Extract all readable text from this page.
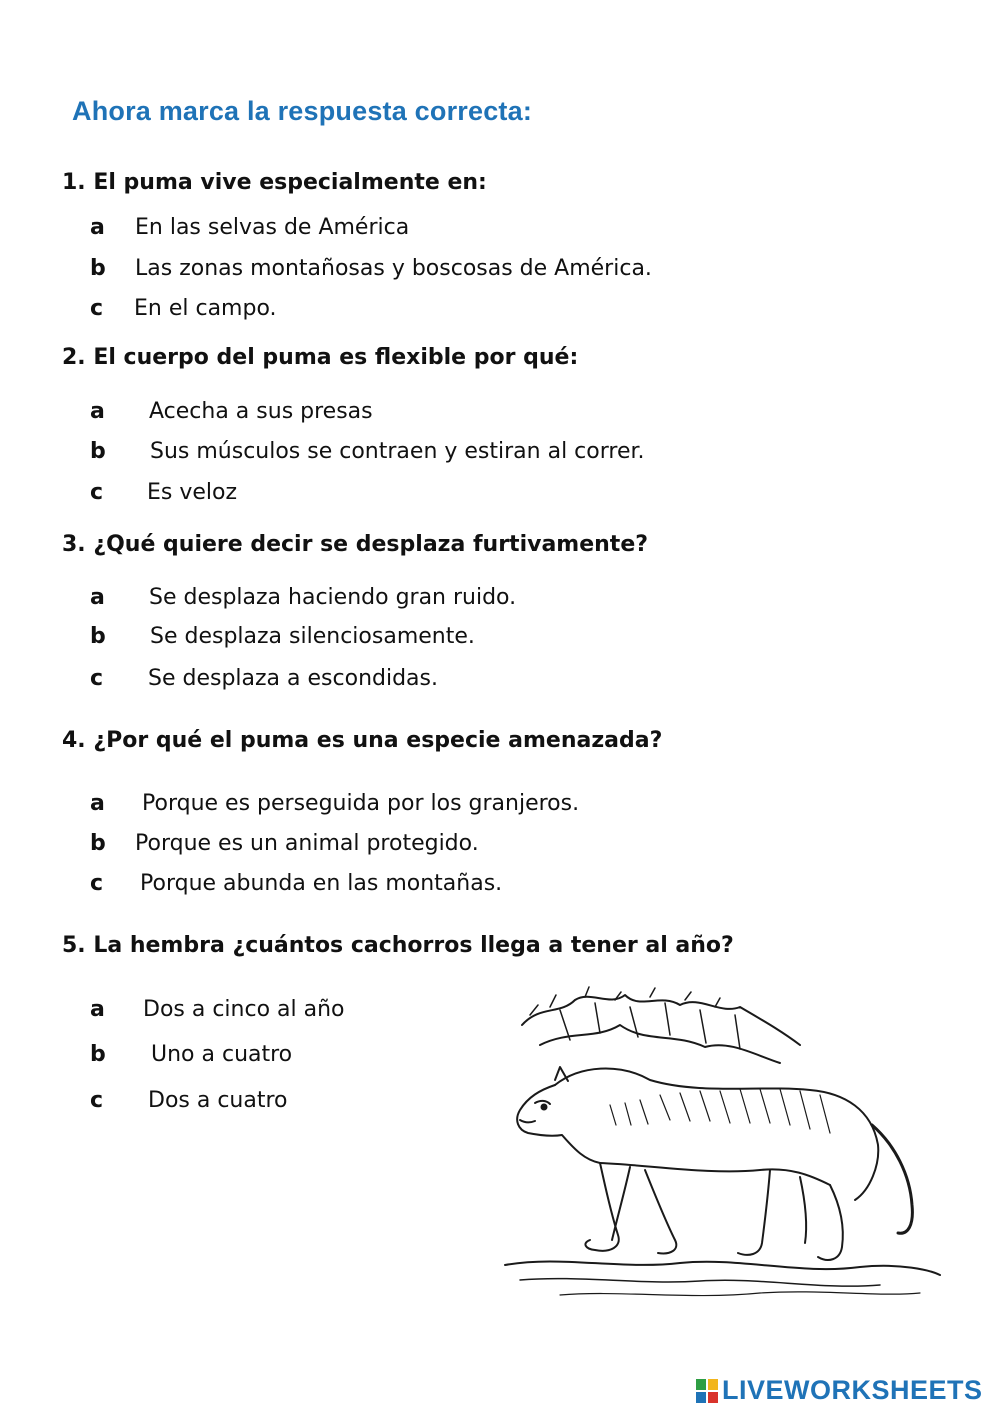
Ahora marca la respuesta correcta:
1. El puma vive especialmente en:
a	En las selvas de América
b	Las zonas montañosas y boscosas de América.
c	En el campo.
2. El cuerpo del puma es flexible por qué:
a	Acecha a sus presas
b	Sus músculos se contraen y estiran al correr.
c	Es veloz
3. ¿Qué quiere decir se desplaza furtivamente?
a	Se desplaza haciendo gran ruido.
b	Se desplaza silenciosamente.
c	Se desplaza a escondidas.
4. ¿Por qué el puma es una especie amenazada?
a	Porque es perseguida por los granjeros.
b	Porque es un animal protegido.
c	Porque abunda en las montañas.
5. La hembra ¿cuántos cachorros llega a tener al año?
a	Dos a cinco al año
b	Uno a cuatro
c	Dos a cuatro
LIVEWORKSHEETS
